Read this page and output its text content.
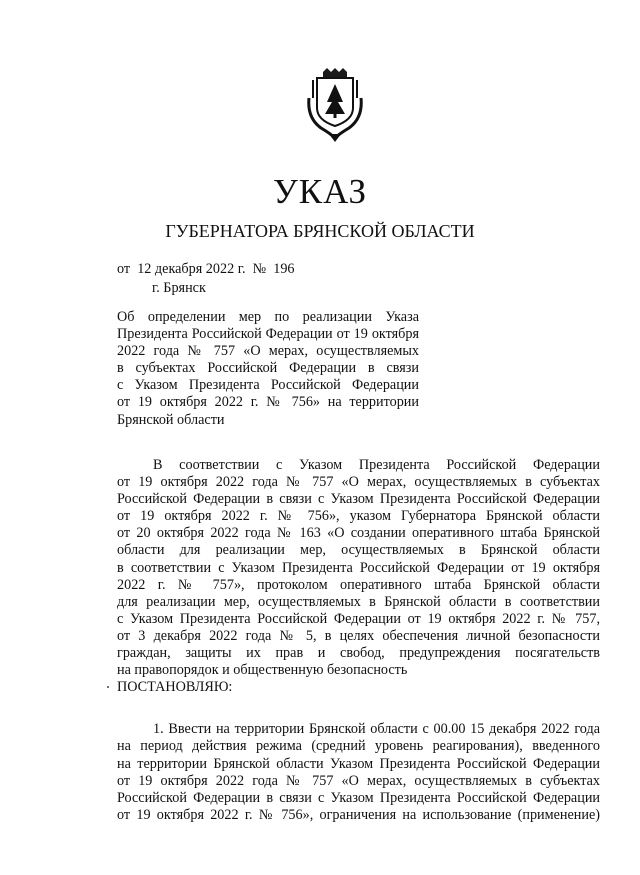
УКАЗ
ГУБЕРНАТОРА БРЯНСКОЙ ОБЛАСТИ
от  12 декабря 2022 г.  №  196
г. Брянск
Об определении мер по реализации Указа
Президента Российской Федерации от 19 октября
2022 года № 757 «О мерах, осуществляемых
в субъектах Российской Федерации в связи
с Указом Президента Российской Федерации
от 19 октября 2022 г. № 756» на территории
Брянской области
В соответствии с Указом Президента Российской Федерации
от 19 октября 2022 года № 757 «О мерах, осуществляемых в субъектах
Российской Федерации в связи с Указом Президента Российской Федерации
от 19 октября 2022 г. № 756», указом Губернатора Брянской области
от 20 октября 2022 года № 163 «О создании оперативного штаба Брянской
области для реализации мер, осуществляемых в Брянской области
в соответствии с Указом Президента Российской Федерации от 19 октября
2022 г. № 757», протоколом оперативного штаба Брянской области
для реализации мер, осуществляемых в Брянской области в соответствии
с Указом Президента Российской Федерации от 19 октября 2022 г. № 757,
от 3 декабря 2022 года № 5, в целях обеспечения личной безопасности
граждан, защиты их прав и свобод, предупреждения посягательств
на правопорядок и общественную безопасность
ПОСТАНОВЛЯЮ:
1. Ввести на территории Брянской области с 00.00 15 декабря 2022 года
на период действия режима (средний уровень реагирования), введенного
на территории Брянской области Указом Президента Российской Федерации
от 19 октября 2022 года № 757 «О мерах, осуществляемых в субъектах
Российской Федерации в связи с Указом Президента Российской Федерации
от 19 октября 2022 г. № 756», ограничения на использование (применение)
